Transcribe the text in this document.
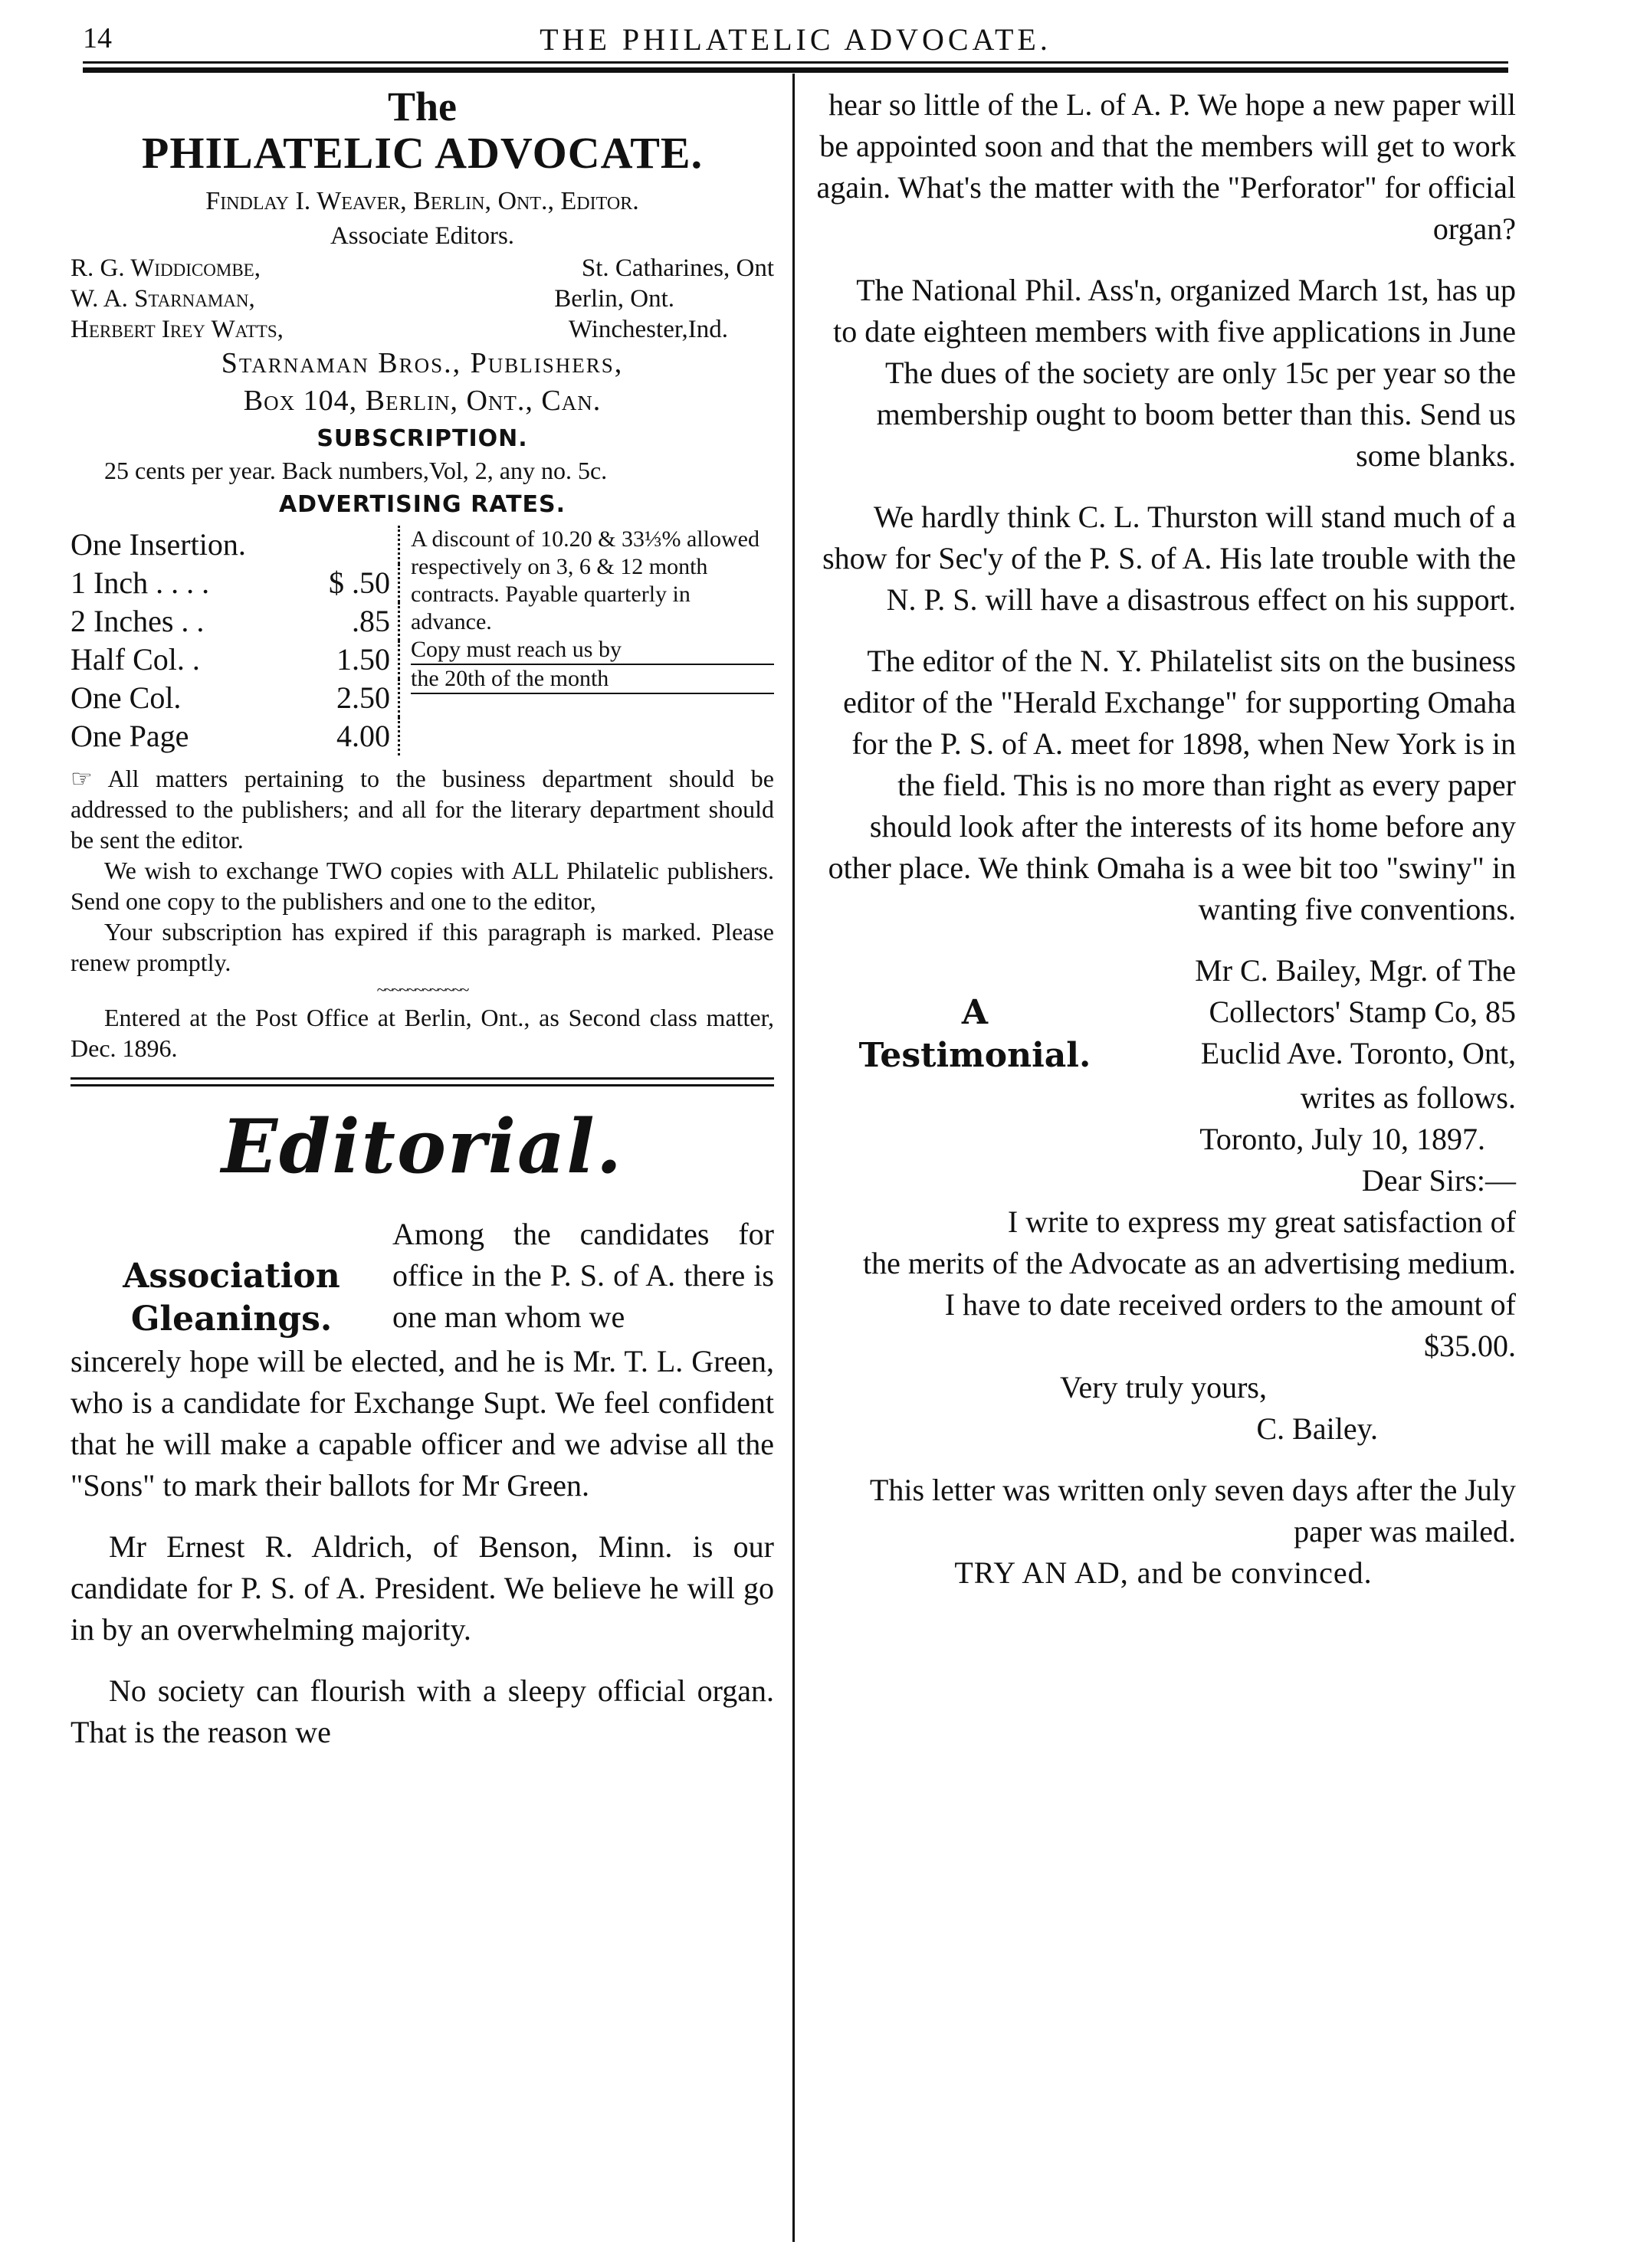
14	THE PHILATELIC ADVOCATE.
The
PHILATELIC ADVOCATE.
Findlay I. Weaver, Berlin, Ont., Editor.
Associate Editors.
R. G. Widdicombe,	St. Catharines, Ont
W. A. Starnaman,	Berlin, Ont.
Herbert Irey Watts,	Winchester,Ind.
Starnaman Bros., Publishers,
Box 104, Berlin, Ont., Can.
SUBSCRIPTION.
25 cents per year. Back numbers,Vol, 2, any no. 5c.
ADVERTISING RATES.
One Insertion.
1 Inch . . . .	$ .50
2 Inches . .	.85
Half Col. .	1.50
One Col.	2.50
One Page	4.00
A discount of 10.20 & 33⅓% allowed respectively on 3, 6 & 12 month contracts. Payable quarterly in advance.
Copy must reach us by
the 20th of the month
☞ All matters pertaining to the business department should be addressed to the publishers; and all for the literary department should be sent the editor.
We wish to exchange TWO copies with ALL Philatelic publishers. Send one copy to the publishers and one to the editor,
Your subscription has expired if this paragraph is marked. Please renew promptly.
~~~~~~~~~~~~
Entered at the Post Office at Berlin, Ont., as Second class matter, Dec. 1896.
Editorial.
Association
Gleanings.
Among the candidates for office in the P. S. of A. there is one man whom we
sincerely hope will be elected, and he is Mr. T. L. Green, who is a candidate for Exchange Supt. We feel confident that he will make a capable officer and we advise all the "Sons" to mark their ballots for Mr Green.
Mr Ernest R. Aldrich, of Benson, Minn. is our candidate for P. S. of A. President. We believe he will go in by an overwhelming majority.
No society can flourish with a sleepy official organ. That is the reason we
hear so little of the L. of A. P. We hope a new paper will be appointed soon and that the members will get to work again. What's the matter with the "Perforator" for official organ?
The National Phil. Ass'n, organized March 1st, has up to date eighteen members with five applications in June The dues of the society are only 15c per year so the membership ought to boom better than this. Send us some blanks.
We hardly think C. L. Thurston will stand much of a show for Sec'y of the P. S. of A. His late trouble with the N. P. S. will have a disastrous effect on his support.
The editor of the N. Y. Philatelist sits on the business editor of the "Herald Exchange" for supporting Omaha for the P. S. of A. meet for 1898, when New York is in the field. This is no more than right as every paper should look after the interests of its home before any other place. We think Omaha is a wee bit too "swiny" in wanting five conventions.
A
Testimonial.
Mr C. Bailey, Mgr. of The Collectors' Stamp Co, 85 Euclid Ave. Toronto, Ont,
writes as follows.
Toronto, July 10, 1897.
Dear Sirs:—
I write to express my great satisfaction of the merits of the Advocate as an advertising medium.
I have to date received orders to the amount of $35.00.
Very truly yours,
C. Bailey.
This letter was written only seven days after the July paper was mailed.
TRY AN AD, and be convinced.
